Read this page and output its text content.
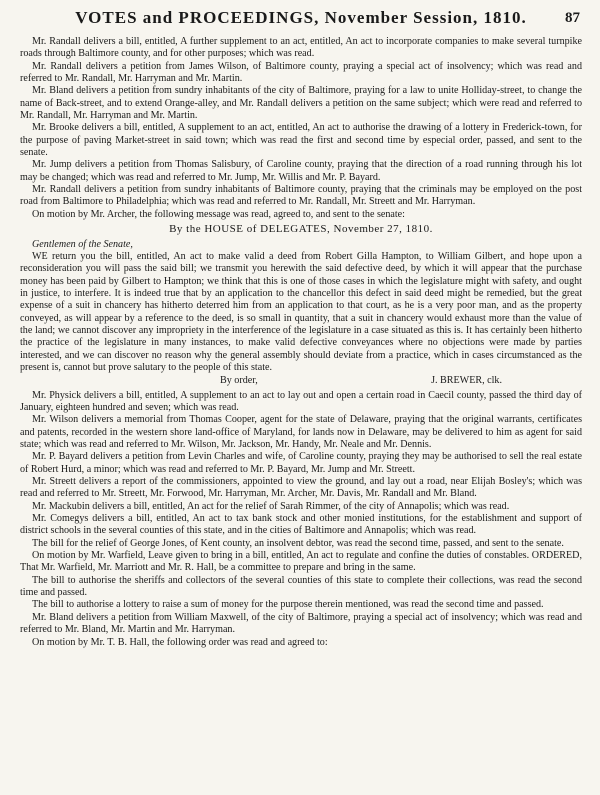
VOTES and PROCEEDINGS, November Session, 1810.	87

Mr. Randall delivers a bill, entitled, A further supplement to an act, entitled, An act to incorporate companies to make several turnpike roads through Baltimore county, and for other purposes; which was read.

Mr. Randall delivers a petition from James Wilson, of Baltimore county, praying a special act of insolvency; which was read and referred to Mr. Randall, Mr. Harryman and Mr. Martin.

Mr. Bland delivers a petition from sundry inhabitants of the city of Baltimore, praying for a law to unite Holliday-street, to change the name of Back-street, and to extend Orange-alley, and Mr. Randall delivers a petition on the same subject; which were read and referred to Mr. Randall, Mr. Harryman and Mr. Martin.

Mr. Brooke delivers a bill, entitled, A supplement to an act, entitled, An act to authorise the drawing of a lottery in Frederick-town, for the purpose of paving Market-street in said town; which was read the first and second time by especial order, passed, and sent to the senate.

Mr. Jump delivers a petition from Thomas Salisbury, of Caroline county, praying that the direction of a road running through his lot may be changed; which was read and referred to Mr. Jump, Mr. Willis and Mr. P. Bayard.

Mr. Randall delivers a petition from sundry inhabitants of Baltimore county, praying that the criminals may be employed on the post road from Baltimore to Philadelphia; which was read and referred to Mr. Randall, Mr. Streett and Mr. Harryman.

On motion by Mr. Archer, the following message was read, agreed to, and sent to the senate:

By the HOUSE of DELEGATES, November 27, 1810.

Gentlemen of the Senate,

WE return you the bill, entitled, An act to make valid a deed from Robert Gilla Hampton, to William Gilbert, and hope upon a reconsideration you will pass the said bill; we transmit you herewith the said defective deed, by which it will appear that the purchase money has been paid by Gilbert to Hampton; we think that this is one of those cases in which the legislature might with safety, and ought in justice, to interfere. It is indeed true that by an application to the chancellor this defect in said deed might be remedied, but the great expense of a suit in chancery has hitherto deterred him from an application to that court, as he is a very poor man, and as the property conveyed, as will appear by a reference to the deed, is so small in quantity, that a suit in chancery would exhaust more than the value of the land; we cannot discover any impropriety in the interference of the legislature in a case situated as this is. It has certainly been hitherto the practice of the legislature in many instances, to make valid defective conveyances where no objections were made by parties interested, and we can discover no reason why the general assembly should deviate from a practice, which in cases circumstanced as the present is, cannot but prove salutary to the people of this state.

By order,	J. BREWER, clk.

Mr. Physick delivers a bill, entitled, A supplement to an act to lay out and open a certain road in Caecil county, passed the third day of January, eighteen hundred and seven; which was read.

Mr. Wilson delivers a memorial from Thomas Cooper, agent for the state of Delaware, praying that the original warrants, certificates and patents, recorded in the western shore land-office of Maryland, for lands now in Delaware, may be delivered to him as agent for said state; which was read and referred to Mr. Wilson, Mr. Jackson, Mr. Handy, Mr. Neale and Mr. Dennis.

Mr. P. Bayard delivers a petition from Levin Charles and wife, of Caroline county, praying they may be authorised to sell the real estate of Robert Hurd, a minor; which was read and referred to Mr. P. Bayard, Mr. Jump and Mr. Streett.

Mr. Streett delivers a report of the commissioners, appointed to view the ground, and lay out a road, near Elijah Bosley's; which was read and referred to Mr. Streett, Mr. Forwood, Mr. Harryman, Mr. Archer, Mr. Davis, Mr. Randall and Mr. Bland.

Mr. Mackubin delivers a bill, entitled, An act for the relief of Sarah Rimmer, of the city of Annapolis; which was read.

Mr. Comegys delivers a bill, entitled, An act to tax bank stock and other monied institutions, for the establishment and support of district schools in the several counties of this state, and in the cities of Baltimore and Annapolis; which was read.

The bill for the relief of George Jones, of Kent county, an insolvent debtor, was read the second time, passed, and sent to the senate.

On motion by Mr. Warfield, Leave given to bring in a bill, entitled, An act to regulate and confine the duties of constables. ORDERED, That Mr. Warfield, Mr. Marriott and Mr. R. Hall, be a committee to prepare and bring in the same.

The bill to authorise the sheriffs and collectors of the several counties of this state to complete their collections, was read the second time and passed.

The bill to authorise a lottery to raise a sum of money for the purpose therein mentioned, was read the second time and passed.

Mr. Bland delivers a petition from William Maxwell, of the city of Baltimore, praying a special act of insolvency; which was read and referred to Mr. Bland, Mr. Martin and Mr. Harryman.

On motion by Mr. T. B. Hall, the following order was read and agreed to:
